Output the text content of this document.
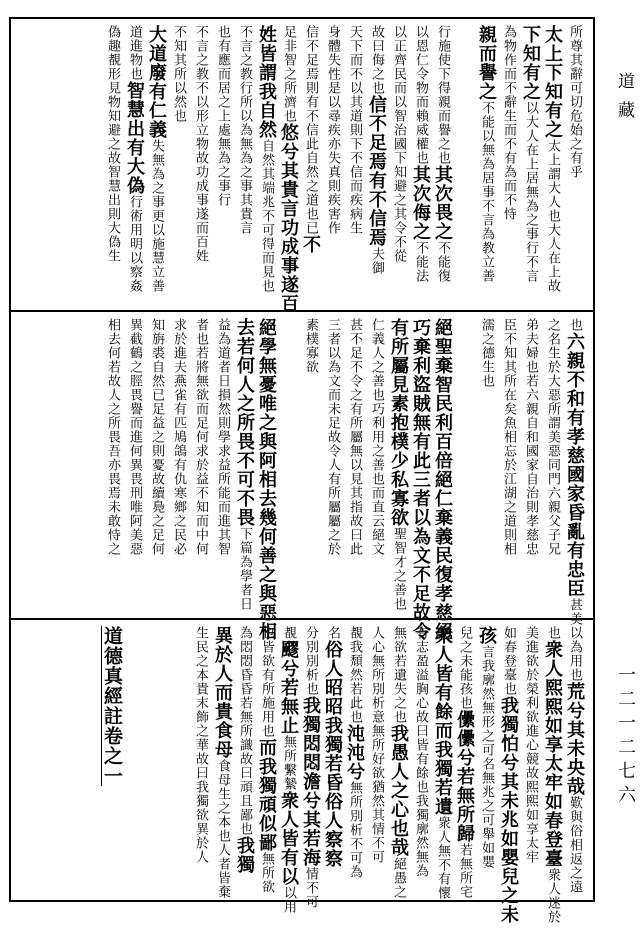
所尊其辭可切危始之有乎
太上下知有之太上謂大人也大人在上故
下知有之以大人在上居無為之事行不言
為物作而不辭生而不有為而不恃
親而譽之不能以無為居事不言為教立善
行施使下得親而譽之也其次畏之不能復
以恩仁令物而賴威權也其次侮之不能法
以正齊民而以智治國下知避之其令不從
故曰侮之也信不足焉有不信焉夫御
天下而不以其道則下不信而疾病生
身體失性是以尋疾亦失真則疾害作
信不足焉則有不信此自然之道也已不
足非智之所濟也悠兮其貴言功成事遂百
姓皆謂我自然自然其端兆不可得而見也
不言之教行所以為無為之事其貴言
也有應而居之上處無為之事行
不言之教不以形立物故功成事遂而百姓
不知其所以然也
大道廢有仁義失無為之事更以施慧立善
道進物也智慧出有大偽行術用明以察姦
偽趣覩形見物知避之故智慧出則大偽生
也六親不和有孝慈國家昏亂有忠臣甚美
之名生於大惡所謂美惡同門六親父子兄
弟夫婦也若六親自和國家自治則孝慈忠
臣不知其所在矣魚相忘於江湖之道則相
濡之德生也
絕聖棄智民利百倍絕仁棄義民復孝慈絕
巧棄利盜賊無有此三者以為文不足故令
有所屬見素抱樸少私寡欲聖智才之善也
仁義人之善也巧利用之善也而直云絕文
甚不足不令之有所屬無以見其指故曰此
三者以為文而未足故令人有所屬屬之於
素樸寡欲
絕學無憂唯之與阿相去幾何善之與惡相
去若何人之所畏不可不畏下篇為學者日
益為道者日損然則學求益所能而進其智
者也若將無欲而足何求於益不知而中何
求於進夫燕雀有匹鳩鴿有仇寒鄉之民必
知旃裘自然已足益之則憂故續鳧之足何
異截鶴之脛畏譽而進何異畏刑唯阿美惡
相去何若故人之所畏吾亦畏焉未敢恃之
以為用也荒兮其未央哉歎與俗相返之遠
也衆人熙熙如享太牢如春登臺衆人迷於
美進欲於榮利欲進心競故熙熙如享太牢
如春登臺也我獨怕兮其未兆如嬰兒之未
孩言我廓然無形之可名無兆之可舉如嬰
兒之未能孩也儽儽兮若無所歸若無所宅
衆人皆有餘而我獨若遺衆人無不有懷
有志盈溢胸心故曰皆有餘也我獨廓然無為
無欲若遺失之也我愚人之心也哉絕愚之
人心無所別析意無所好欲猶然其情不可
覩我頹然若此也沌沌兮無所別析不可為
名俗人昭昭我獨若昏俗人察察
分別別析也我獨悶悶澹兮其若海情不可
覩飂兮若無止無所繫縶衆人皆有以以用
也皆欲有所施用也而我獨頑似鄙無所欲
為悶悶昏昏若無所識故曰頑且鄙也我獨
異於人而貴食母食母生之本也人者皆棄
生民之本貴末飾之華故曰我獨欲異於人
道德真經註卷之一
道藏
一二一二七六
